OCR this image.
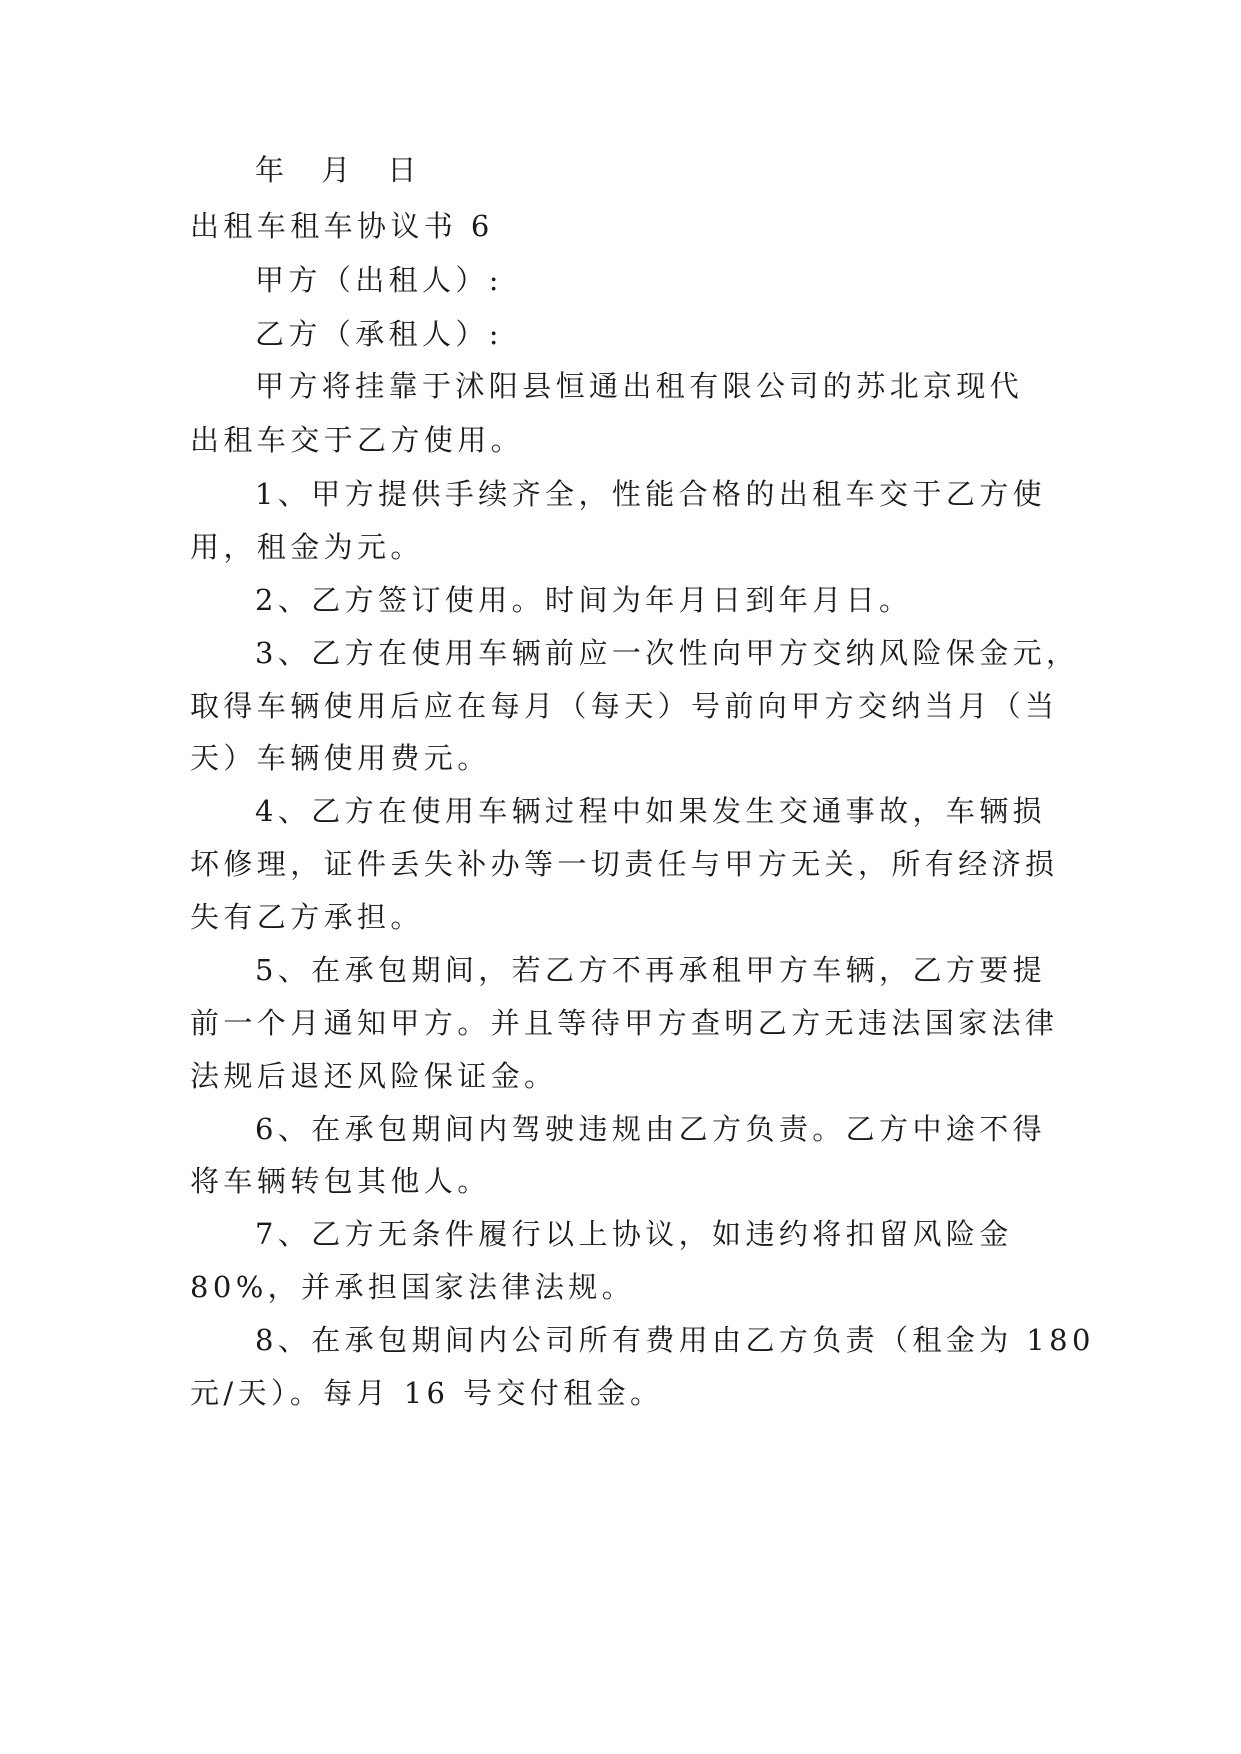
年 月 日
出租车租车协议书 6
甲方（出租人）:
乙方（承租人）:
甲方将挂靠于沭阳县恒通出租有限公司的苏北京现代
出租车交于乙方使用。
1、甲方提供手续齐全，性能合格的出租车交于乙方使
用，租金为元。
2、乙方签订使用。时间为年月日到年月日。
3、乙方在使用车辆前应一次性向甲方交纳风险保金元，
取得车辆使用后应在每月（每天）号前向甲方交纳当月（当
天）车辆使用费元。
4、乙方在使用车辆过程中如果发生交通事故，车辆损
坏修理，证件丢失补办等一切责任与甲方无关，所有经济损
失有乙方承担。
5、在承包期间，若乙方不再承租甲方车辆，乙方要提
前一个月通知甲方。并且等待甲方查明乙方无违法国家法律
法规后退还风险保证金。
6、在承包期间内驾驶违规由乙方负责。乙方中途不得
将车辆转包其他人。
7、乙方无条件履行以上协议，如违约将扣留风险金
80%，并承担国家法律法规。
8、在承包期间内公司所有费用由乙方负责（租金为 180
元/天）。每月 16 号交付租金。
